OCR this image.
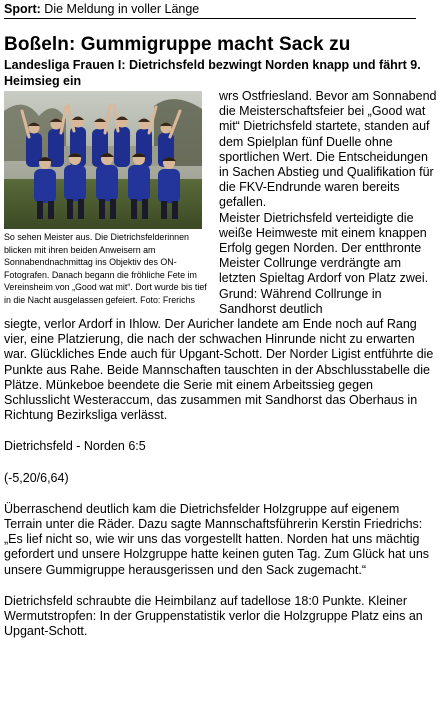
Sport: Die Meldung in voller Länge
Boßeln: Gummigruppe macht Sack zu
Landesliga Frauen I: Dietrichsfeld bezwingt Norden knapp und fährt 9. Heimsieg ein
So sehen Meister aus. Die Dietrichsfelderinnen blicken mit ihren beiden Anweisern am Sonnabendnachmittag ins Objektiv des ON-Fotografen. Danach begann die fröhliche Fete im Vereinsheim von „Good wat mit“. Dort wurde bis tief in die Nacht ausgelassen gefeiert. Foto: Frerichs

wrs Ostfriesland. Bevor am Sonnabend die Meisterschaftsfeier bei „Good wat mit“ Dietrichsfeld startete, standen auf dem Spielplan fünf Duelle ohne sportlichen Wert. Die Entscheidungen in Sachen Abstieg und Qualifikation für die FKV-Endrunde waren bereits gefallen.

Meister Dietrichsfeld verteidigte die weiße Heimweste mit einem knappen Erfolg gegen Norden. Der entthronte Meister Collrunge verdrängte am letzten Spieltag Ardorf von Platz zwei. Grund: Während Collrunge in Sandhorst deutlich

siegte, verlor Ardorf in Ihlow. Der Auricher landete am Ende noch auf Rang vier, eine Platzierung, die nach der schwachen Hinrunde nicht zu erwarten war. Glückliches Ende auch für Upgant-Schott. Der Norder Ligist entführte die Punkte aus Rahe. Beide Mannschaften tauschten in der Abschlusstabelle die Plätze. Münkeboe beendete die Serie mit einem Arbeitssieg gegen Schlusslicht Westeraccum, das zusammen mit Sandhorst das Oberhaus in Richtung Bezirksliga verlässt.

Dietrichsfeld - Norden 6:5

(-5,20/6,64)

Überraschend deutlich kam die Dietrichsfelder Holzgruppe auf eigenem Terrain unter die Räder. Dazu sagte Mannschaftsführerin Kerstin Friedrichs: „Es lief nicht so, wie wir uns das vorgestellt hatten. Norden hat uns mächtig gefordert und unsere Holzgruppe hatte keinen guten Tag. Zum Glück hat uns unsere Gummigruppe herausgerissen und den Sack zugemacht.“

Dietrichsfeld schraubte die Heimbilanz auf tadellose 18:0 Punkte. Kleiner Wermutstropfen: In der Gruppenstatistik verlor die Holzgruppe Platz eins an Upgant-Schott.
